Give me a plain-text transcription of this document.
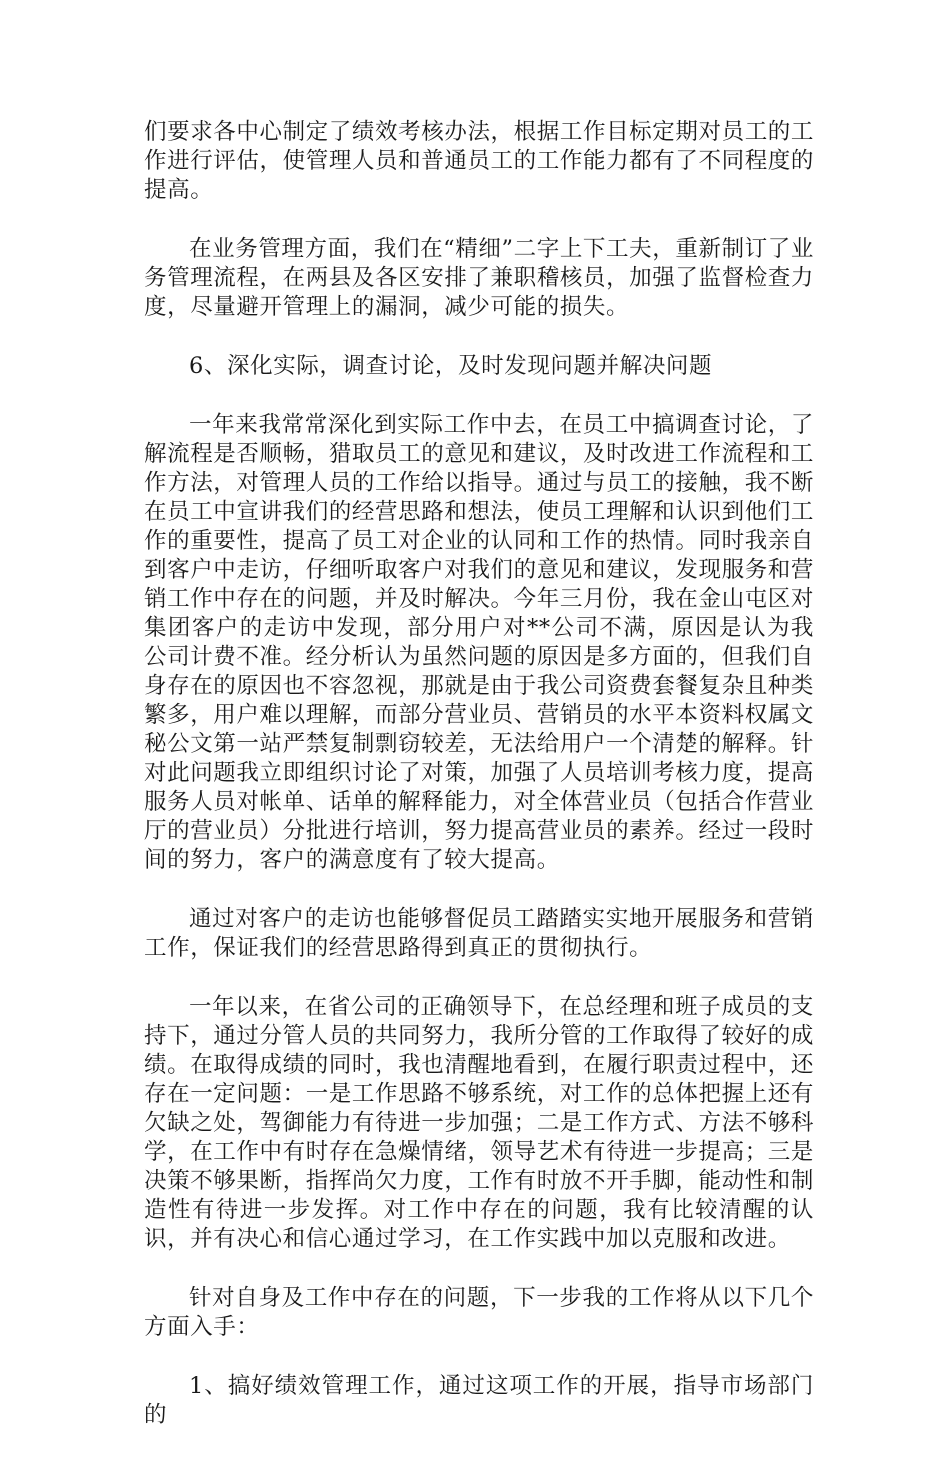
们要求各中心制定了绩效考核办法，根据工作目标定期对员工的工作进行评估，使管理人员和普通员工的工作能力都有了不同程度的提高。

在业务管理方面，我们在“精细”二字上下工夫，重新制订了业务管理流程，在两县及各区安排了兼职稽核员，加强了监督检查力度，尽量避开管理上的漏洞，减少可能的损失。

6、深化实际，调查讨论，及时发现问题并解决问题

一年来我常常深化到实际工作中去，在员工中搞调查讨论，了解流程是否顺畅，猎取员工的意见和建议，及时改进工作流程和工作方法，对管理人员的工作给以指导。通过与员工的接触，我不断在员工中宣讲我们的经营思路和想法，使员工理解和认识到他们工作的重要性，提高了员工对企业的认同和工作的热情。同时我亲自到客户中走访，仔细听取客户对我们的意见和建议，发现服务和营销工作中存在的问题，并及时解决。今年三月份，我在金山屯区对集团客户的走访中发现，部分用户对**公司不满，原因是认为我公司计费不准。经分析认为虽然问题的原因是多方面的，但我们自身存在的原因也不容忽视，那就是由于我公司资费套餐复杂且种类繁多，用户难以理解，而部分营业员、营销员的水平本资料权属文秘公文第一站严禁复制剽窃较差，无法给用户一个清楚的解释。针对此问题我立即组织讨论了对策，加强了人员培训考核力度，提高服务人员对帐单、话单的解释能力，对全体营业员（包括合作营业厅的营业员）分批进行培训，努力提高营业员的素养。经过一段时间的努力，客户的满意度有了较大提高。

通过对客户的走访也能够督促员工踏踏实实地开展服务和营销工作，保证我们的经营思路得到真正的贯彻执行。

一年以来，在省公司的正确领导下，在总经理和班子成员的支持下，通过分管人员的共同努力，我所分管的工作取得了较好的成绩。在取得成绩的同时，我也清醒地看到，在履行职责过程中，还存在一定问题：一是工作思路不够系统，对工作的总体把握上还有欠缺之处，驾御能力有待进一步加强；二是工作方式、方法不够科学，在工作中有时存在急燥情绪，领导艺术有待进一步提高；三是决策不够果断，指挥尚欠力度，工作有时放不开手脚，能动性和制造性有待进一步发挥。对工作中存在的问题，我有比较清醒的认识，并有决心和信心通过学习，在工作实践中加以克服和改进。

针对自身及工作中存在的问题，下一步我的工作将从以下几个方面入手：

1、搞好绩效管理工作，通过这项工作的开展，指导市场部门的
